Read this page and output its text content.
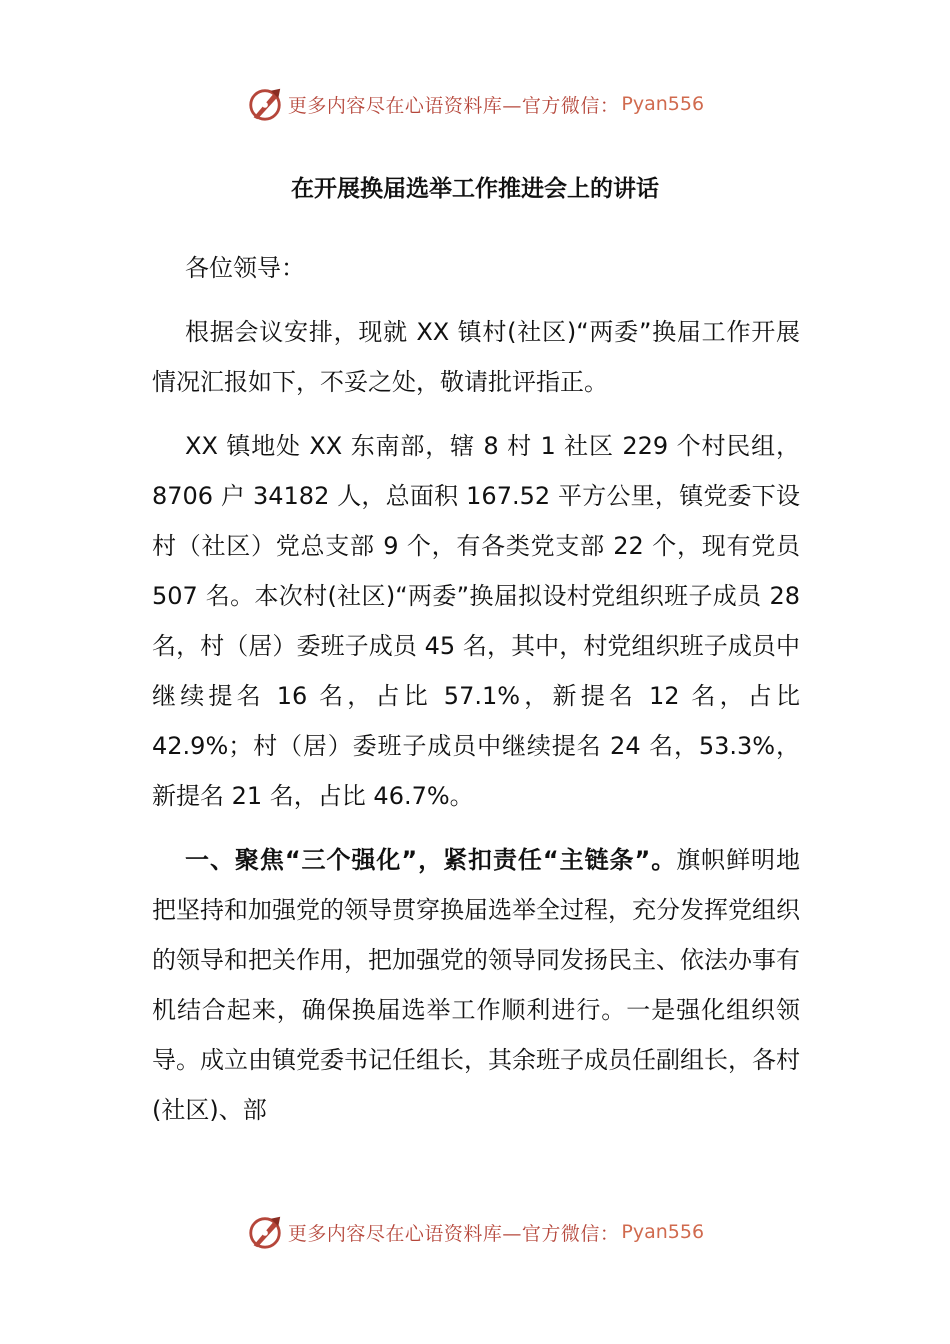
更多内容尽在心语资料库—官方微信： Pyan556
在开展换届选举工作推进会上的讲话

各位领导：

根据会议安排，现就 XX 镇村(社区)“两委”换届工作开展情况汇报如下，不妥之处，敬请批评指正。

XX 镇地处 XX 东南部，辖 8 村 1 社区 229 个村民组，8706 户 34182 人，总面积 167.52 平方公里，镇党委下设村（社区）党总支部 9 个，有各类党支部 22 个，现有党员 507 名。本次村(社区)“两委”换届拟设村党组织班子成员 28 名，村（居）委班子成员 45 名，其中，村党组织班子成员中继续提名 16 名，占比 57.1%，新提名 12 名，占比 42.9%；村（居）委班子成员中继续提名 24 名，53.3%，新提名 21 名，占比 46.7%。

一、聚焦“三个强化”，紧扣责任“主链条”。旗帜鲜明地把坚持和加强党的领导贯穿换届选举全过程，充分发挥党组织的领导和把关作用，把加强党的领导同发扬民主、依法办事有机结合起来，确保换届选举工作顺利进行。一是强化组织领导。成立由镇党委书记任组长，其余班子成员任副组长，各村(社区)、部

更多内容尽在心语资料库—官方微信： Pyan556
